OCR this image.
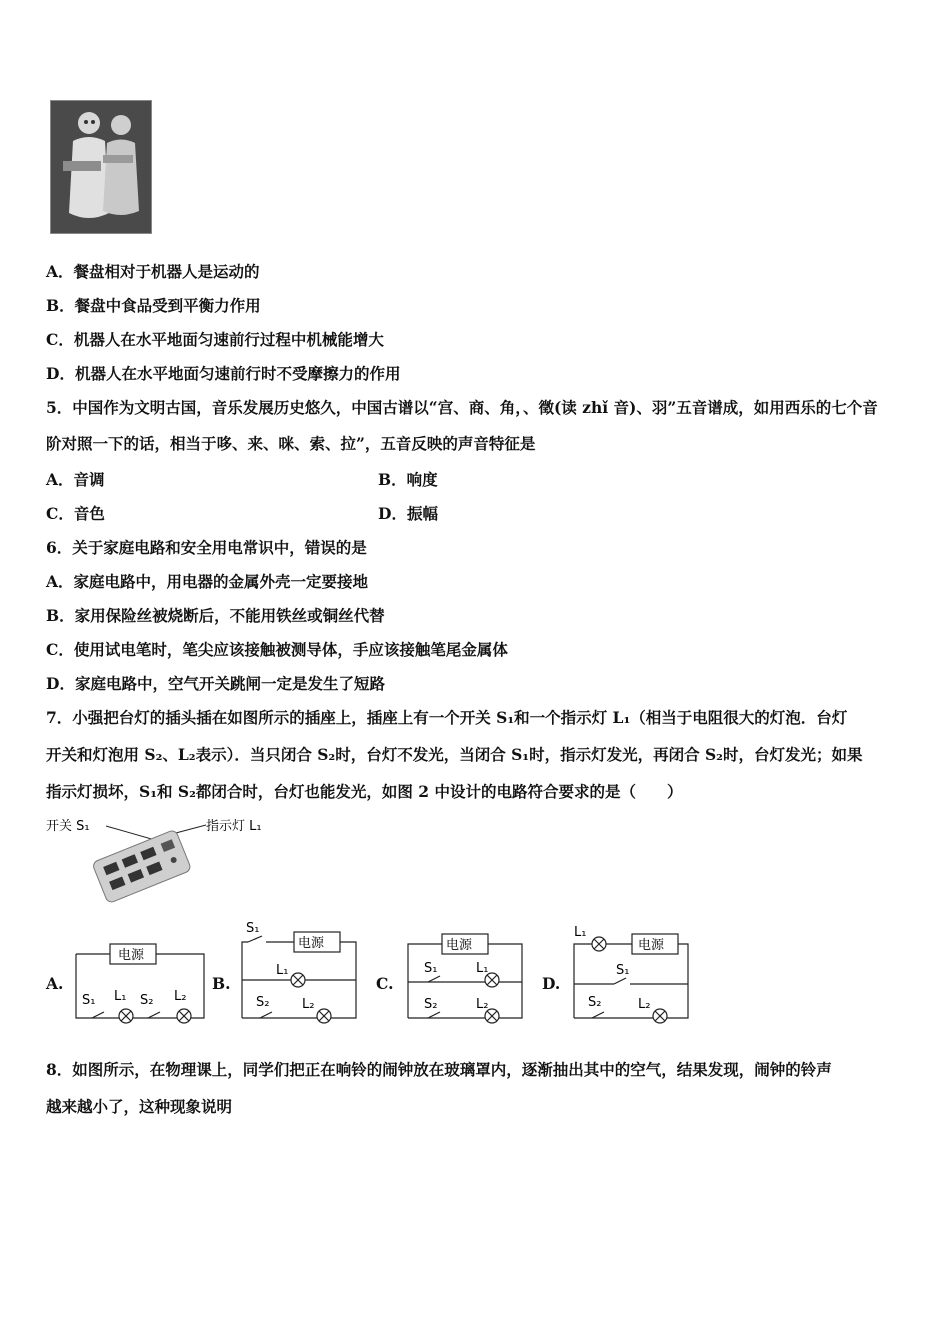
A．餐盘相对于机器人是运动的
B．餐盘中食品受到平衡力作用
C．机器人在水平地面匀速前行过程中机械能增大
D．机器人在水平地面匀速前行时不受摩擦力的作用
5．中国作为文明古国，音乐发展历史悠久，中国古谱以“宫、商、角，、徵(读 zhǐ 音)、羽”五音谱成，如用西乐的七个音
阶对照一下的话，相当于哆、来、咪、索、拉”，五音反映的声音特征是
A．音调	B．响度
C．音色	D．振幅
6．关于家庭电路和安全用电常识中，错误的是
A．家庭电路中，用电器的金属外壳一定要接地
B．家用保险丝被烧断后，不能用铁丝或铜丝代替
C．使用试电笔时，笔尖应该接触被测导体，手应该接触笔尾金属体
D．家庭电路中，空气开关跳闸一定是发生了短路
7．小强把台灯的插头插在如图所示的插座上，插座上有一个开关 S₁和一个指示灯 L₁（相当于电阻很大的灯泡．台灯
开关和灯泡用 S₂、L₂表示）．当只闭合 S₂时，台灯不发光，当闭合 S₁时，指示灯发光，再闭合 S₂时，台灯发光；如果
指示灯损坏，S₁和 S₂都闭合时，台灯也能发光，如图 2 中设计的电路符合要求的是（　　）
开关 S₁	指示灯 L₁
A.
电源
S₁ L₁ S₂ L₂
B.
电源
S₁
L₁
S₂	L₂
C.
电源
S₁	L₁
S₂	L₂
D.
电源
L₁
S₁
S₂	L₂
8．如图所示，在物理课上，同学们把正在响铃的闹钟放在玻璃罩内，逐渐抽出其中的空气，结果发现，闹钟的铃声
越来越小了，这种现象说明
